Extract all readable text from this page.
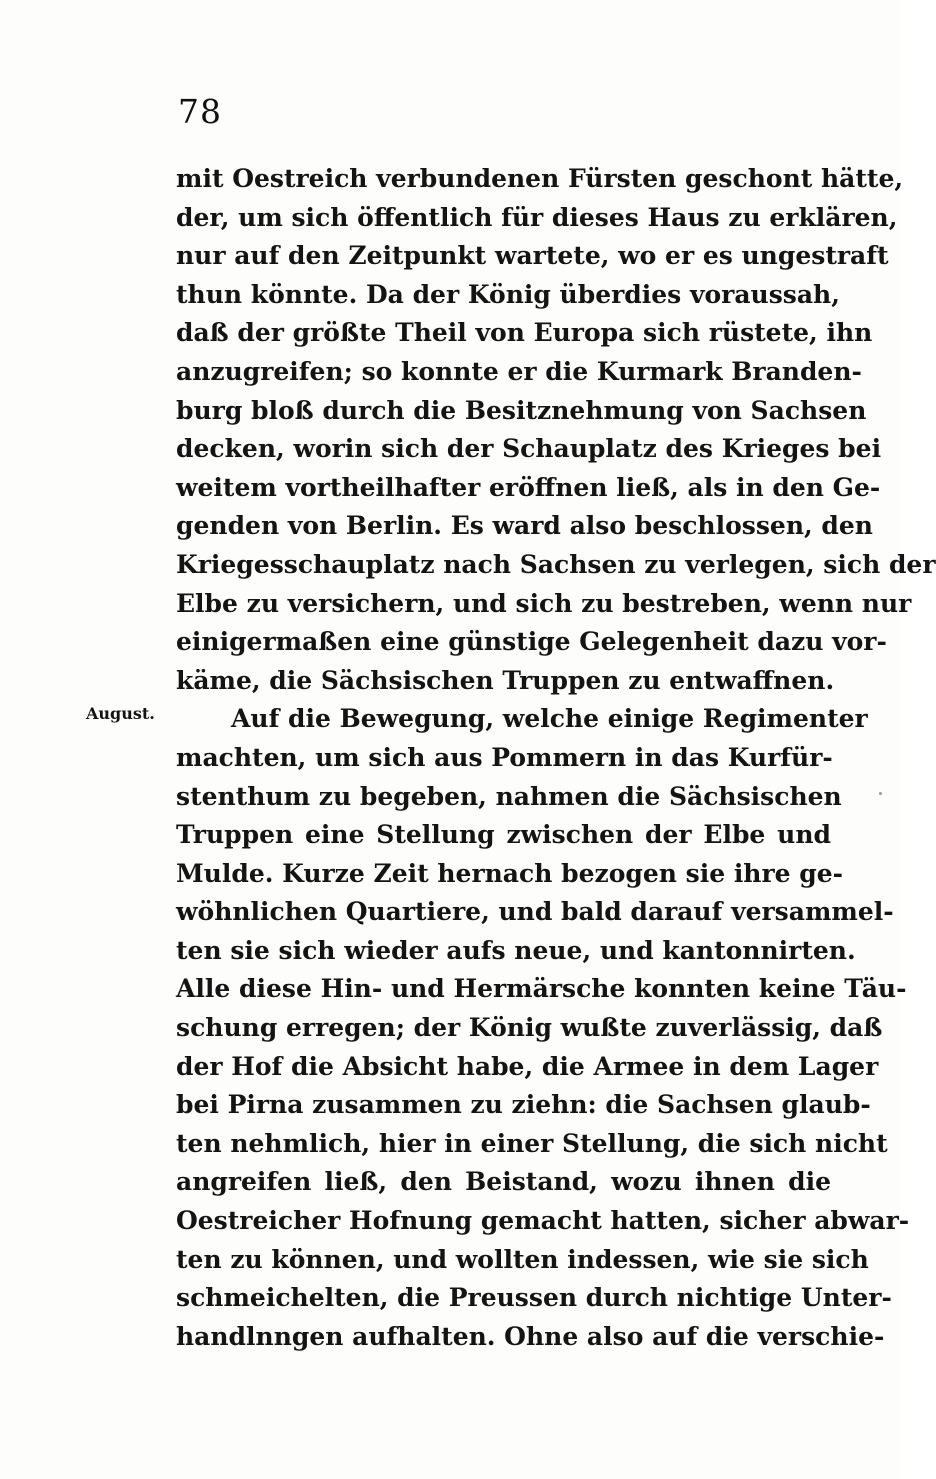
78
August.
mit Oestreich verbundenen Fürsten geschont hätte,
der, um sich öffentlich für dieses Haus zu erklären,
nur auf den Zeitpunkt wartete, wo er es ungestraft
thun könnte. Da der König überdies voraussah,
daß der größte Theil von Europa sich rüstete, ihn
anzugreifen; so konnte er die Kurmark Branden-
burg bloß durch die Besitznehmung von Sachsen
decken, worin sich der Schauplatz des Krieges bei
weitem vortheilhafter eröffnen ließ, als in den Ge-
genden von Berlin. Es ward also beschlossen, den
Kriegesschauplatz nach Sachsen zu verlegen, sich der
Elbe zu versichern, und sich zu bestreben, wenn nur
einigermaßen eine günstige Gelegenheit dazu vor-
käme, die Sächsischen Truppen zu entwaffnen.
Auf die Bewegung, welche einige Regimenter
machten, um sich aus Pommern in das Kurfür-
stenthum zu begeben, nahmen die Sächsischen
Truppen eine Stellung zwischen der Elbe und
Mulde. Kurze Zeit hernach bezogen sie ihre ge-
wöhnlichen Quartiere, und bald darauf versammel-
ten sie sich wieder aufs neue, und kantonnirten.
Alle diese Hin- und Hermärsche konnten keine Täu-
schung erregen; der König wußte zuverlässig, daß
der Hof die Absicht habe, die Armee in dem Lager
bei Pirna zusammen zu ziehn: die Sachsen glaub-
ten nehmlich, hier in einer Stellung, die sich nicht
angreifen ließ, den Beistand, wozu ihnen die
Oestreicher Hofnung gemacht hatten, sicher abwar-
ten zu können, und wollten indessen, wie sie sich
schmeichelten, die Preussen durch nichtige Unter-
handlnngen aufhalten. Ohne also auf die verschie-
